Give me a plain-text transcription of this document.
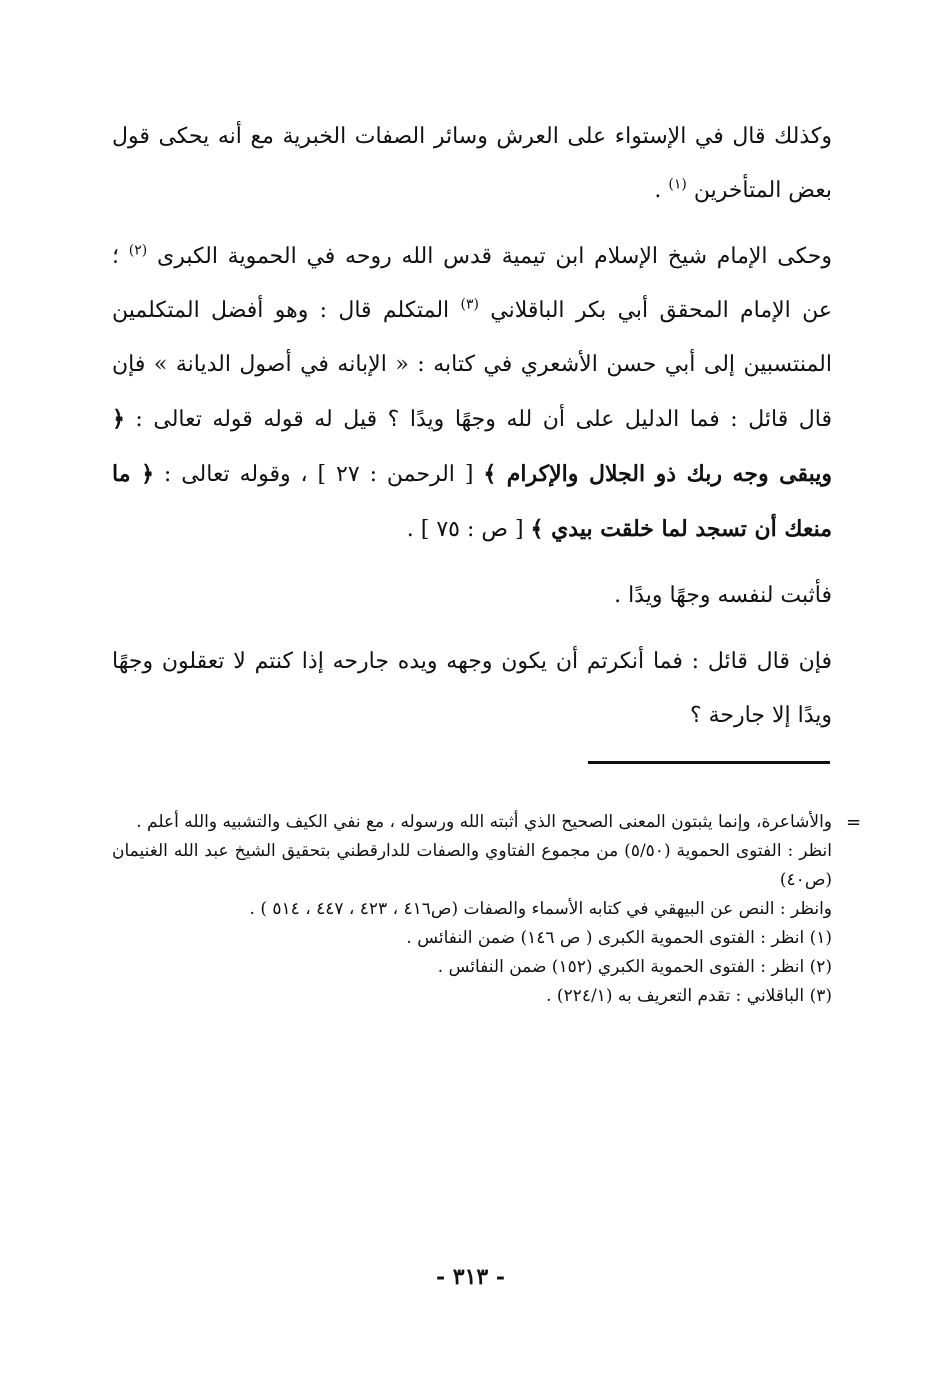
وكذلك قال في الإستواء على العرش وسائر الصفات الخبرية مع أنه يحكى قول بعض المتأخرين $^{(١)}$ .

وحكى الإمام شيخ الإسلام ابن تيمية قدس الله روحه في الحموية الكبرى $^{(٢)}$ ؛ عن الإمام المحقق أبي بكر الباقلاني $^{(٣)}$ المتكلم قال : وهو أفضل المتكلمين المنتسبين إلى أبي حسن الأشعري في كتابه : « الإبانه في أصول الديانة » فإن قال قائل : فما الدليل على أن لله وجهًا ويدًا ؟ قيل له قوله قوله تعالى : ﴿ ويبقى وجه ربك ذو الجلال والإكرام ﴾ [ الرحمن : ٢٧ ] ، وقوله تعالى : ﴿ ما منعك أن تسجد لما خلقت بيدي ﴾ [ ص : ٧٥ ] .

فأثبت لنفسه وجهًا ويدًا .

فإن قال قائل : فما أنكرتم أن يكون وجهه ويده جارحه إذا كنتم لا تعقلون وجهًا ويدًا إلا جارحة ؟

=

والأشاعرة، وإنما يثبتون المعنى الصحيح الذي أثبته الله ورسوله ، مع نفي الكيف والتشبيه والله أعلم .

انظر : الفتوى الحموية (٥/٥٠) من مجموع الفتاوي والصفات للدارقطني بتحقيق الشيخ عبد الله الغنيمان (ص٤٠)

وانظر : النص عن البيهقي في كتابه الأسماء والصفات (ص٤١٦ ، ٤٢٣ ، ٤٤٧ ، ٥١٤ ) .

(١) انظر : الفتوى الحموية الكبرى ( ص ١٤٦) ضمن النفائس .

(٢) انظر : الفتوى الحموية الكبري (١٥٢) ضمن النفائس .

(٣) الباقلاني : تقدم التعريف به (٢٢٤/١) .

- ٣١٣ -
